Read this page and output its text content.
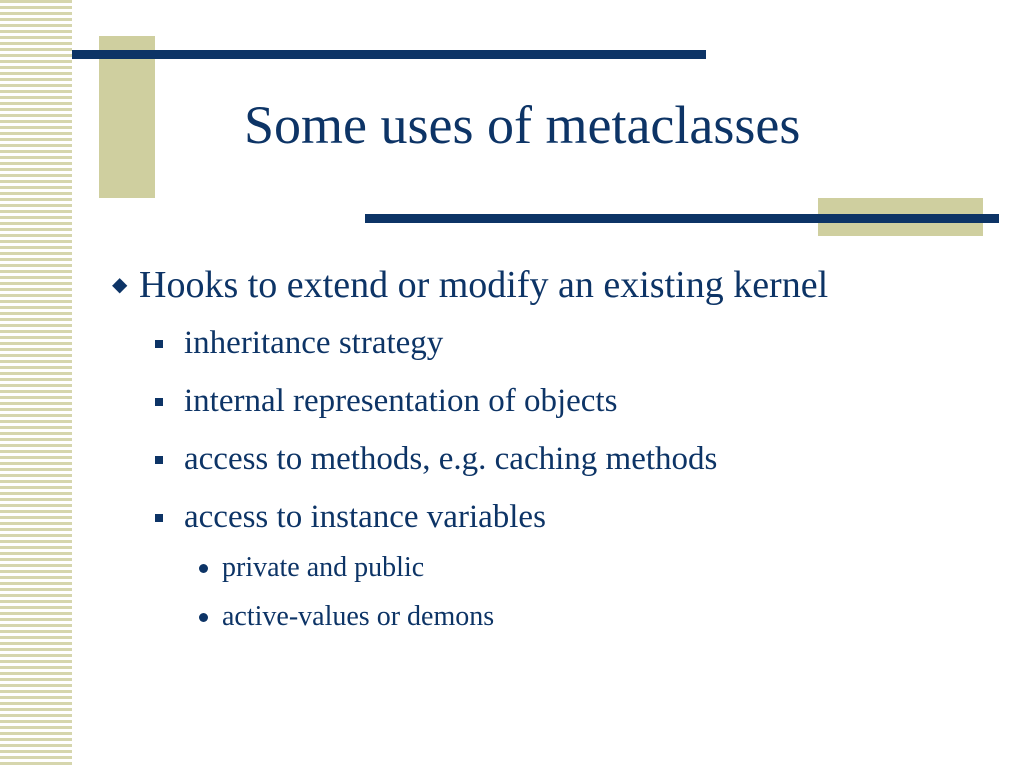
Some uses of metaclasses
◆ Hooks to extend or modify an existing kernel
inheritance strategy
internal representation of objects
access to methods, e.g. caching methods
access to instance variables
private and public
active-values or demons
